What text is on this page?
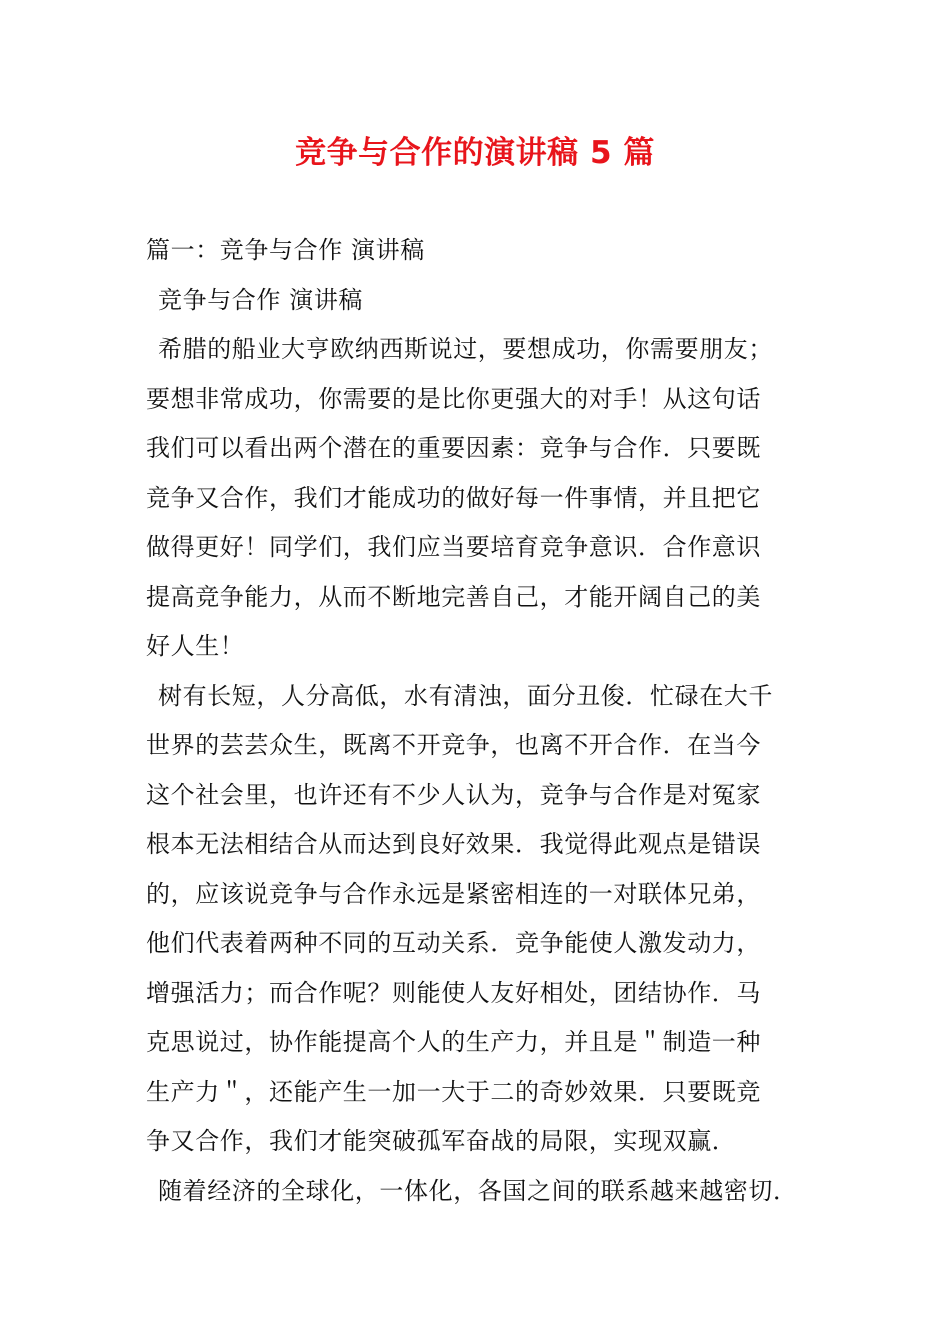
竞争与合作的演讲稿 5 篇
篇一：竞争与合作 演讲稿
竞争与合作 演讲稿
希腊的船业大亨欧纳西斯说过，要想成功，你需要朋友；
要想非常成功，你需要的是比你更强大的对手！从这句话
我们可以看出两个潜在的重要因素：竞争与合作．只要既
竞争又合作，我们才能成功的做好每一件事情，并且把它
做得更好！同学们，我们应当要培育竞争意识．合作意识
提高竞争能力，从而不断地完善自己，才能开阔自己的美
好人生！
树有长短，人分高低，水有清浊，面分丑俊．忙碌在大千
世界的芸芸众生，既离不开竞争，也离不开合作．在当今
这个社会里，也许还有不少人认为，竞争与合作是对冤家
根本无法相结合从而达到良好效果．我觉得此观点是错误
的，应该说竞争与合作永远是紧密相连的一对联体兄弟，
他们代表着两种不同的互动关系．竞争能使人激发动力，
增强活力；而合作呢？则能使人友好相处，团结协作．马
克思说过，协作能提高个人的生产力，并且是＂制造一种
生产力＂，还能产生一加一大于二的奇妙效果．只要既竞
争又合作，我们才能突破孤军奋战的局限，实现双赢．
随着经济的全球化，一体化，各国之间的联系越来越密切．
